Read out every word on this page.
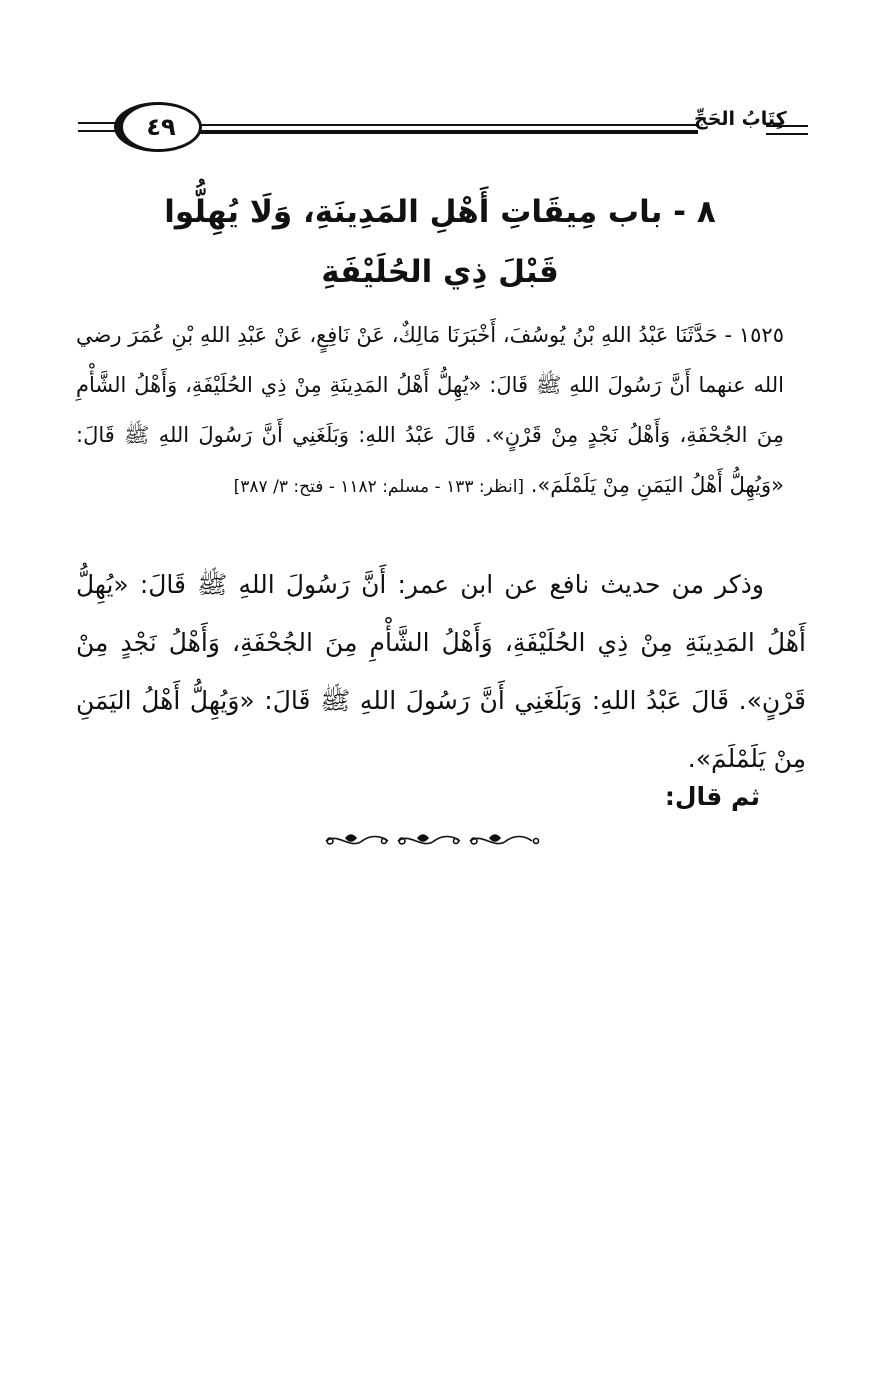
٤٩	كِتَابُ الحَجِّ
٨ - باب مِيقَاتِ أَهْلِ المَدِينَةِ، وَلَا يُهِلُّوا
قَبْلَ ذِي الحُلَيْفَةِ
١٥٢٥ - حَدَّثَنَا عَبْدُ اللهِ بْنُ يُوسُفَ، أَخْبَرَنَا مَالِكٌ، عَنْ نَافِعٍ، عَنْ عَبْدِ اللهِ بْنِ عُمَرَ رضي الله عنهما أَنَّ رَسُولَ اللهِ ﷺ قَالَ: «يُهِلُّ أَهْلُ المَدِينَةِ مِنْ ذِي الحُلَيْفَةِ، وَأَهْلُ الشَّأْمِ مِنَ الجُحْفَةِ، وَأَهْلُ نَجْدٍ مِنْ قَرْنٍ». قَالَ عَبْدُ اللهِ: وَبَلَغَنِي أَنَّ رَسُولَ اللهِ ﷺ قَالَ: «وَيُهِلُّ أَهْلُ اليَمَنِ مِنْ يَلَمْلَمَ». [انظر: ١٣٣ - مسلم: ١١٨٢ - فتح: ٣/ ٣٨٧]
وذكر من حديث نافع عن ابن عمر: أَنَّ رَسُولَ اللهِ ﷺ قَالَ: «يُهِلُّ أَهْلُ المَدِينَةِ مِنْ ذِي الحُلَيْفَةِ، وَأَهْلُ الشَّأْمِ مِنَ الجُحْفَةِ، وَأَهْلُ نَجْدٍ مِنْ قَرْنٍ». قَالَ عَبْدُ اللهِ: وَبَلَغَنِي أَنَّ رَسُولَ اللهِ ﷺ قَالَ: «وَيُهِلُّ أَهْلُ اليَمَنِ مِنْ يَلَمْلَمَ».
ثم قال:
